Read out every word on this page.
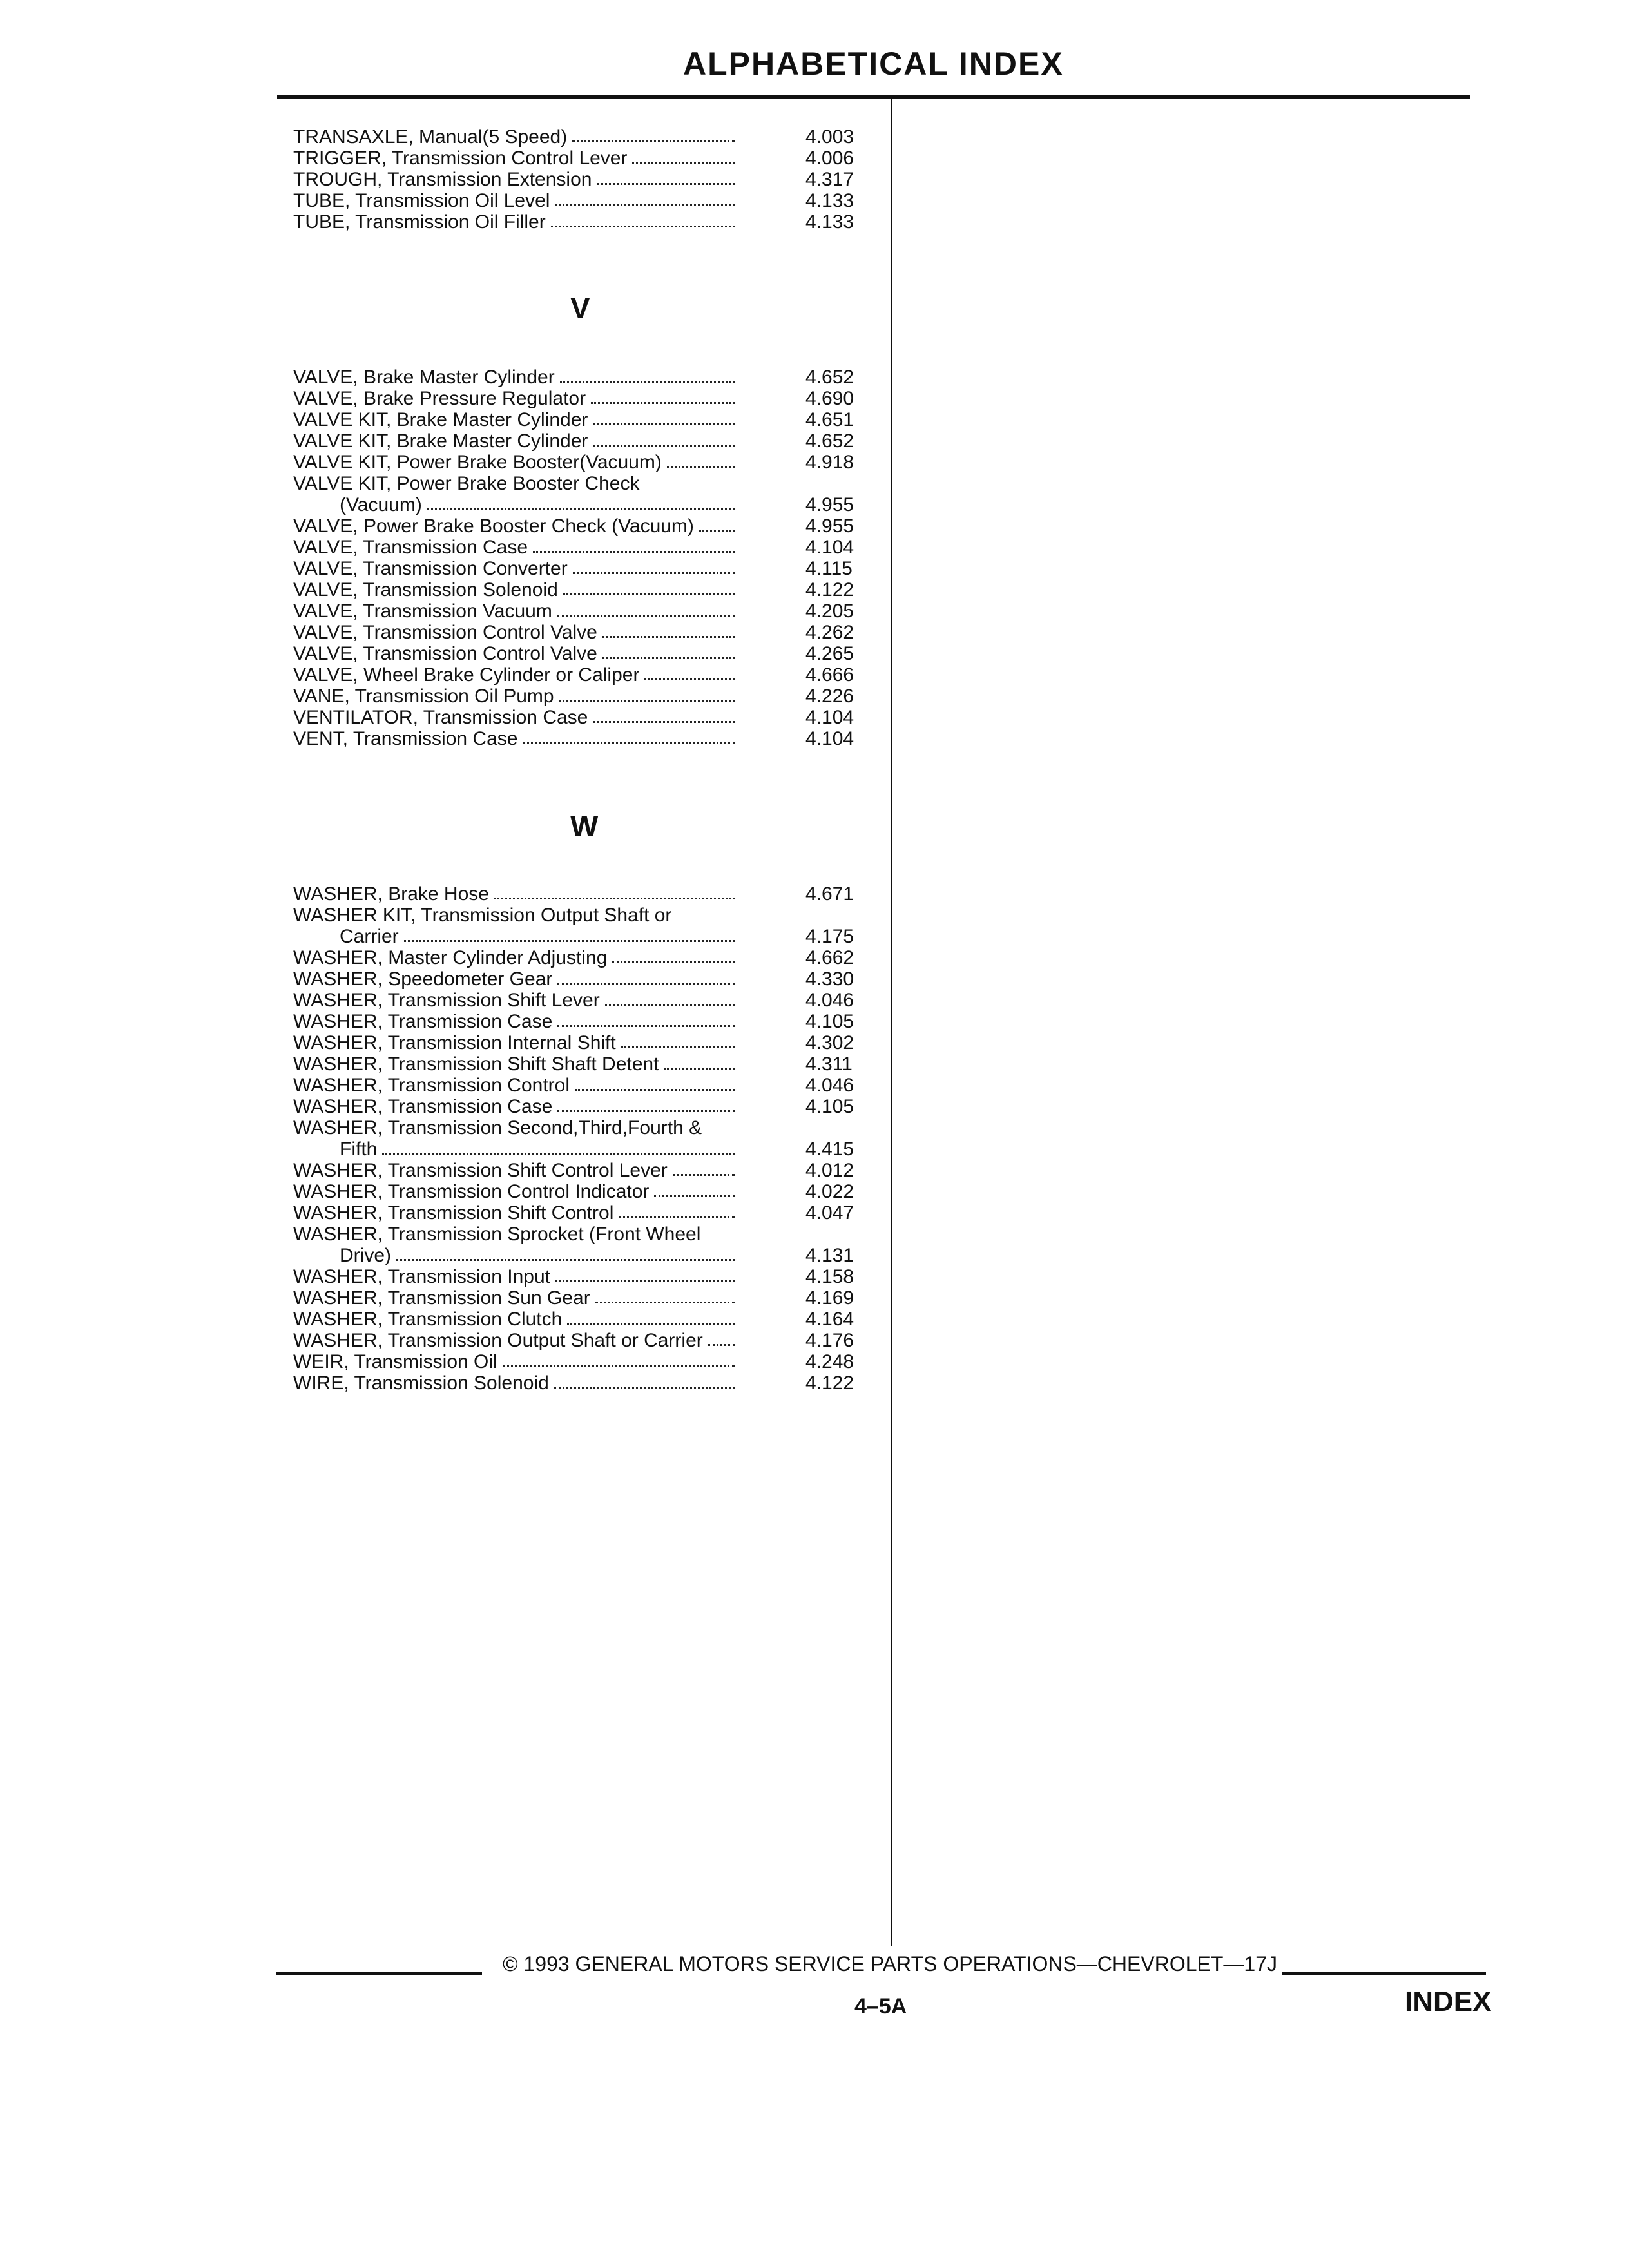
ALPHABETICAL INDEX
TRANSAXLE, Manual(5 Speed)	4.003
TRIGGER, Transmission Control Lever	4.006
TROUGH, Transmission Extension	4.317
TUBE, Transmission Oil Level	4.133
TUBE, Transmission Oil Filler	4.133
V
VALVE, Brake Master Cylinder	4.652
VALVE, Brake Pressure Regulator	4.690
VALVE KIT, Brake Master Cylinder	4.651
VALVE KIT, Brake Master Cylinder	4.652
VALVE KIT, Power Brake Booster(Vacuum)	4.918
VALVE KIT, Power Brake Booster Check
(Vacuum)	4.955
VALVE, Power Brake Booster Check (Vacuum)	4.955
VALVE, Transmission Case	4.104
VALVE, Transmission Converter	4.115
VALVE, Transmission Solenoid	4.122
VALVE, Transmission Vacuum	4.205
VALVE, Transmission Control Valve	4.262
VALVE, Transmission Control Valve	4.265
VALVE, Wheel Brake Cylinder or Caliper	4.666
VANE, Transmission Oil Pump	4.226
VENTILATOR, Transmission Case	4.104
VENT, Transmission Case	4.104
W
WASHER, Brake Hose	4.671
WASHER KIT, Transmission Output Shaft or
Carrier	4.175
WASHER, Master Cylinder Adjusting	4.662
WASHER, Speedometer Gear	4.330
WASHER, Transmission Shift Lever	4.046
WASHER, Transmission Case	4.105
WASHER, Transmission Internal Shift	4.302
WASHER, Transmission Shift Shaft Detent	4.311
WASHER, Transmission Control	4.046
WASHER, Transmission Case	4.105
WASHER, Transmission Second,Third,Fourth &
Fifth	4.415
WASHER, Transmission Shift Control Lever	4.012
WASHER, Transmission Control Indicator	4.022
WASHER, Transmission Shift Control	4.047
WASHER, Transmission Sprocket (Front Wheel
Drive)	4.131
WASHER, Transmission Input	4.158
WASHER, Transmission Sun Gear	4.169
WASHER, Transmission Clutch	4.164
WASHER, Transmission Output Shaft or Carrier	4.176
WEIR, Transmission Oil	4.248
WIRE, Transmission Solenoid	4.122
© 1993 GENERAL MOTORS SERVICE PARTS OPERATIONS—CHEVROLET—17J
4–5A	INDEX
